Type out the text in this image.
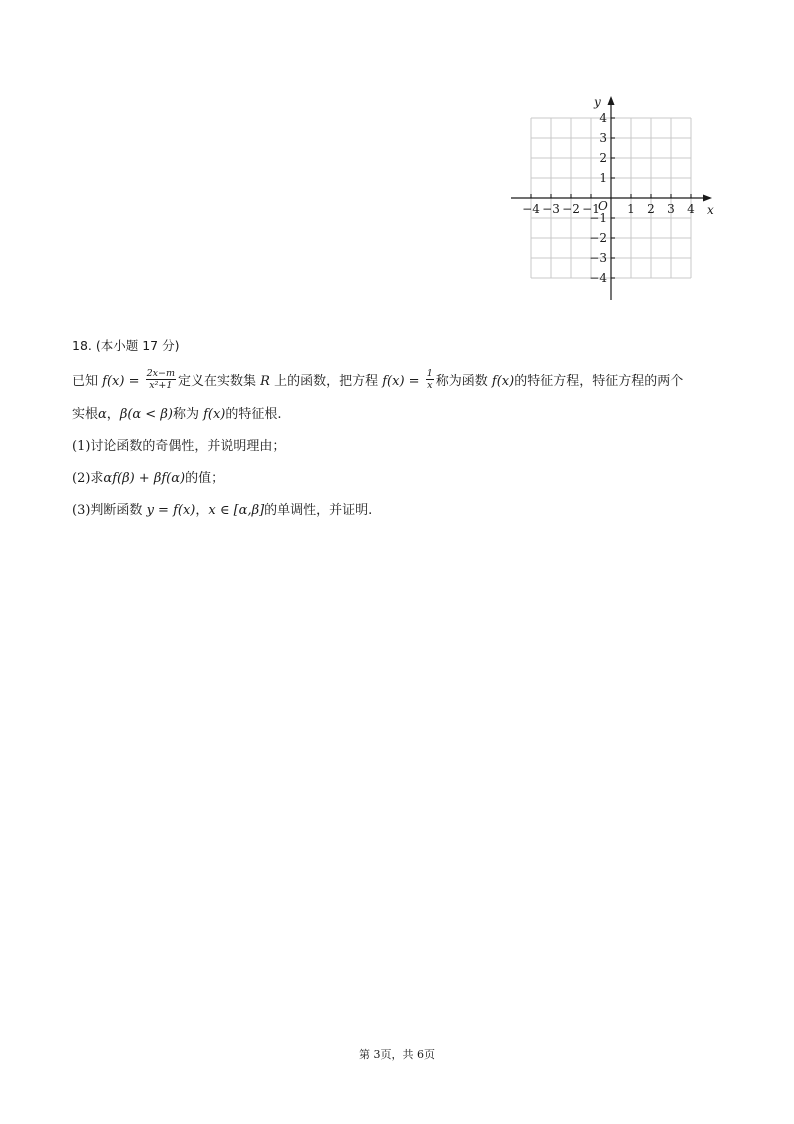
−4 −3 −2 −1 1 2 3 4
4
3
2
1
−1
−2
−3
−4
x
y
O

18. (本小题 17 分)

已知 $f(x) = \frac{2x-m}{\text{x²+1}}$ 定义在实数集 R 上的函数，把方程 $f(x) = \frac{1}{x}$ 称为函数 f(x)的特征方程，特征方程的两个

实根α，β(α < β)称为 f(x)的特征根.

(1)讨论函数的奇偶性，并说明理由；

(2)求αf(β) + βf(α)的值；

(3)判断函数 y = f(x)，x ∈ [α,β]的单调性，并证明.

第 3页，共 6页
